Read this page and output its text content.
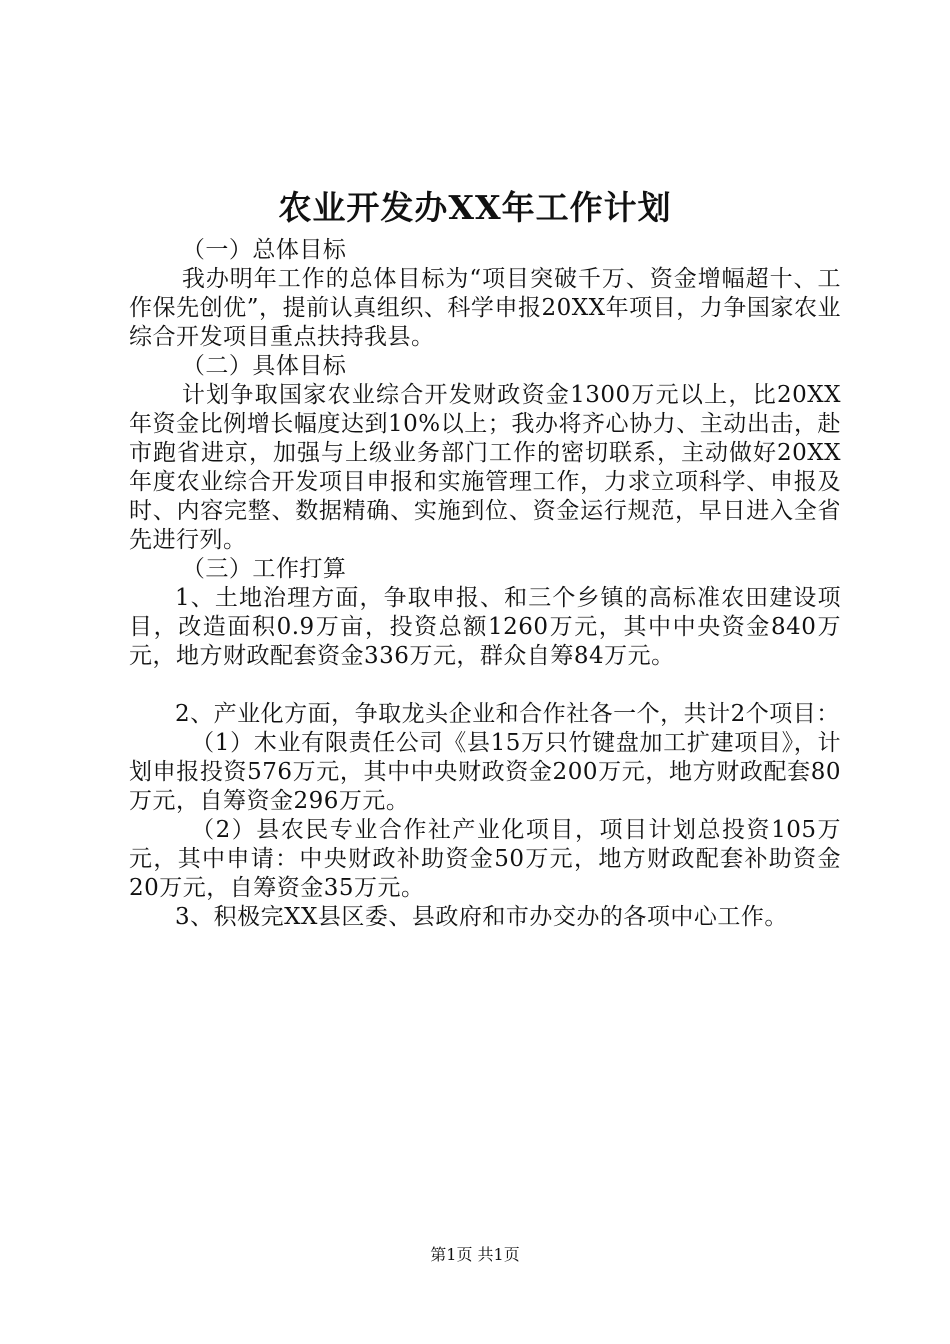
农业开发办XX年工作计划

（一）总体目标

我办明年工作的总体目标为“项目突破千万、资金增幅超十、工作保先创优”，提前认真组织、科学申报20XX年项目，力争国家农业综合开发项目重点扶持我县。

（二）具体目标

计划争取国家农业综合开发财政资金1300万元以上，比20XX年资金比例增长幅度达到10%以上；我办将齐心协力、主动出击，赴市跑省进京，加强与上级业务部门工作的密切联系，主动做好20XX年度农业综合开发项目申报和实施管理工作，力求立项科学、申报及时、内容完整、数据精确、实施到位、资金运行规范，早日进入全省先进行列。

（三）工作打算

1、土地治理方面，争取申报、和三个乡镇的高标准农田建设项目，改造面积0.9万亩，投资总额1260万元，其中中央资金840万元，地方财政配套资金336万元，群众自筹84万元。

2、产业化方面，争取龙头企业和合作社各一个，共计2个项目：

（1）木业有限责任公司《县15万只竹键盘加工扩建项目》，计划申报投资576万元，其中中央财政资金200万元，地方财政配套80万元，自筹资金296万元。

（2）县农民专业合作社产业化项目，项目计划总投资105万元，其中申请：中央财政补助资金50万元，地方财政配套补助资金20万元，自筹资金35万元。

3、积极完XX县区委、县政府和市办交办的各项中心工作。

第1页 共1页
